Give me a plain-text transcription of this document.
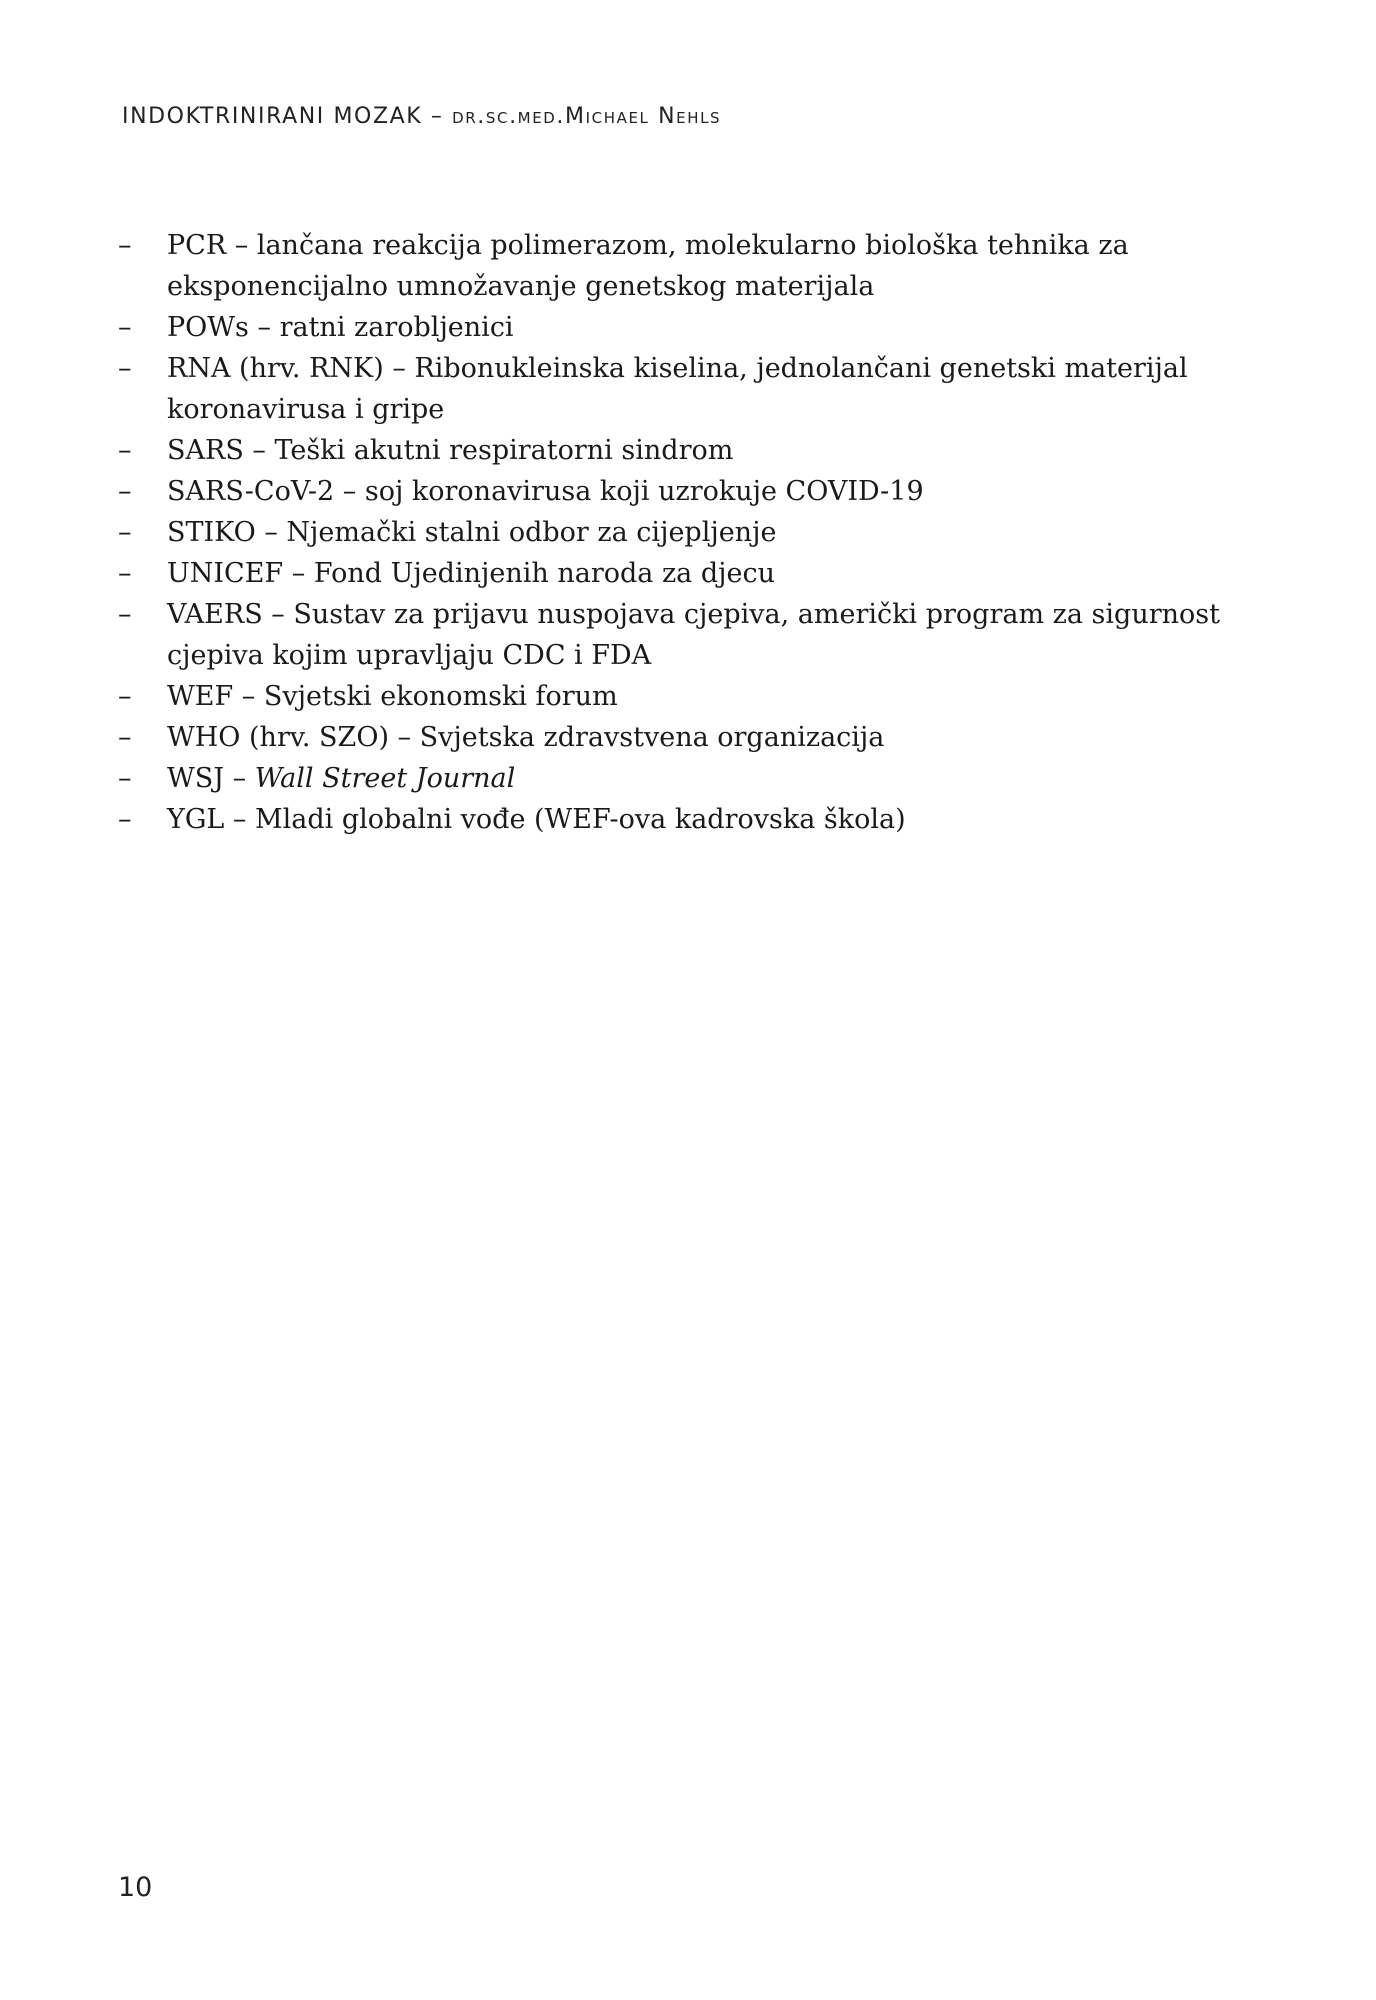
INDOKTRINIRANI MOZAK – dr.sc.med.Michael Nehls
– PCR – lančana reakcija polimerazom, molekularno biološka tehnika za eksponencijalno umnožavanje genetskog materijala
– POWs – ratni zarobljenici
– RNA (hrv. RNK) – Ribonukleinska kiselina, jednolančani genetski materijal koronavirusa i gripe
– SARS – Teški akutni respiratorni sindrom
– SARS-CoV-2 – soj koronavirusa koji uzrokuje COVID-19
– STIKO – Njemački stalni odbor za cijepljenje
– UNICEF – Fond Ujedinjenih naroda za djecu
– VAERS – Sustav za prijavu nuspojava cjepiva, američki program za sigurnost cjepiva kojim upravljaju CDC i FDA
– WEF – Svjetski ekonomski forum
– WHO (hrv. SZO) – Svjetska zdravstvena organizacija
– WSJ – Wall Street Journal
– YGL – Mladi globalni vođe (WEF-ova kadrovska škola)
10
